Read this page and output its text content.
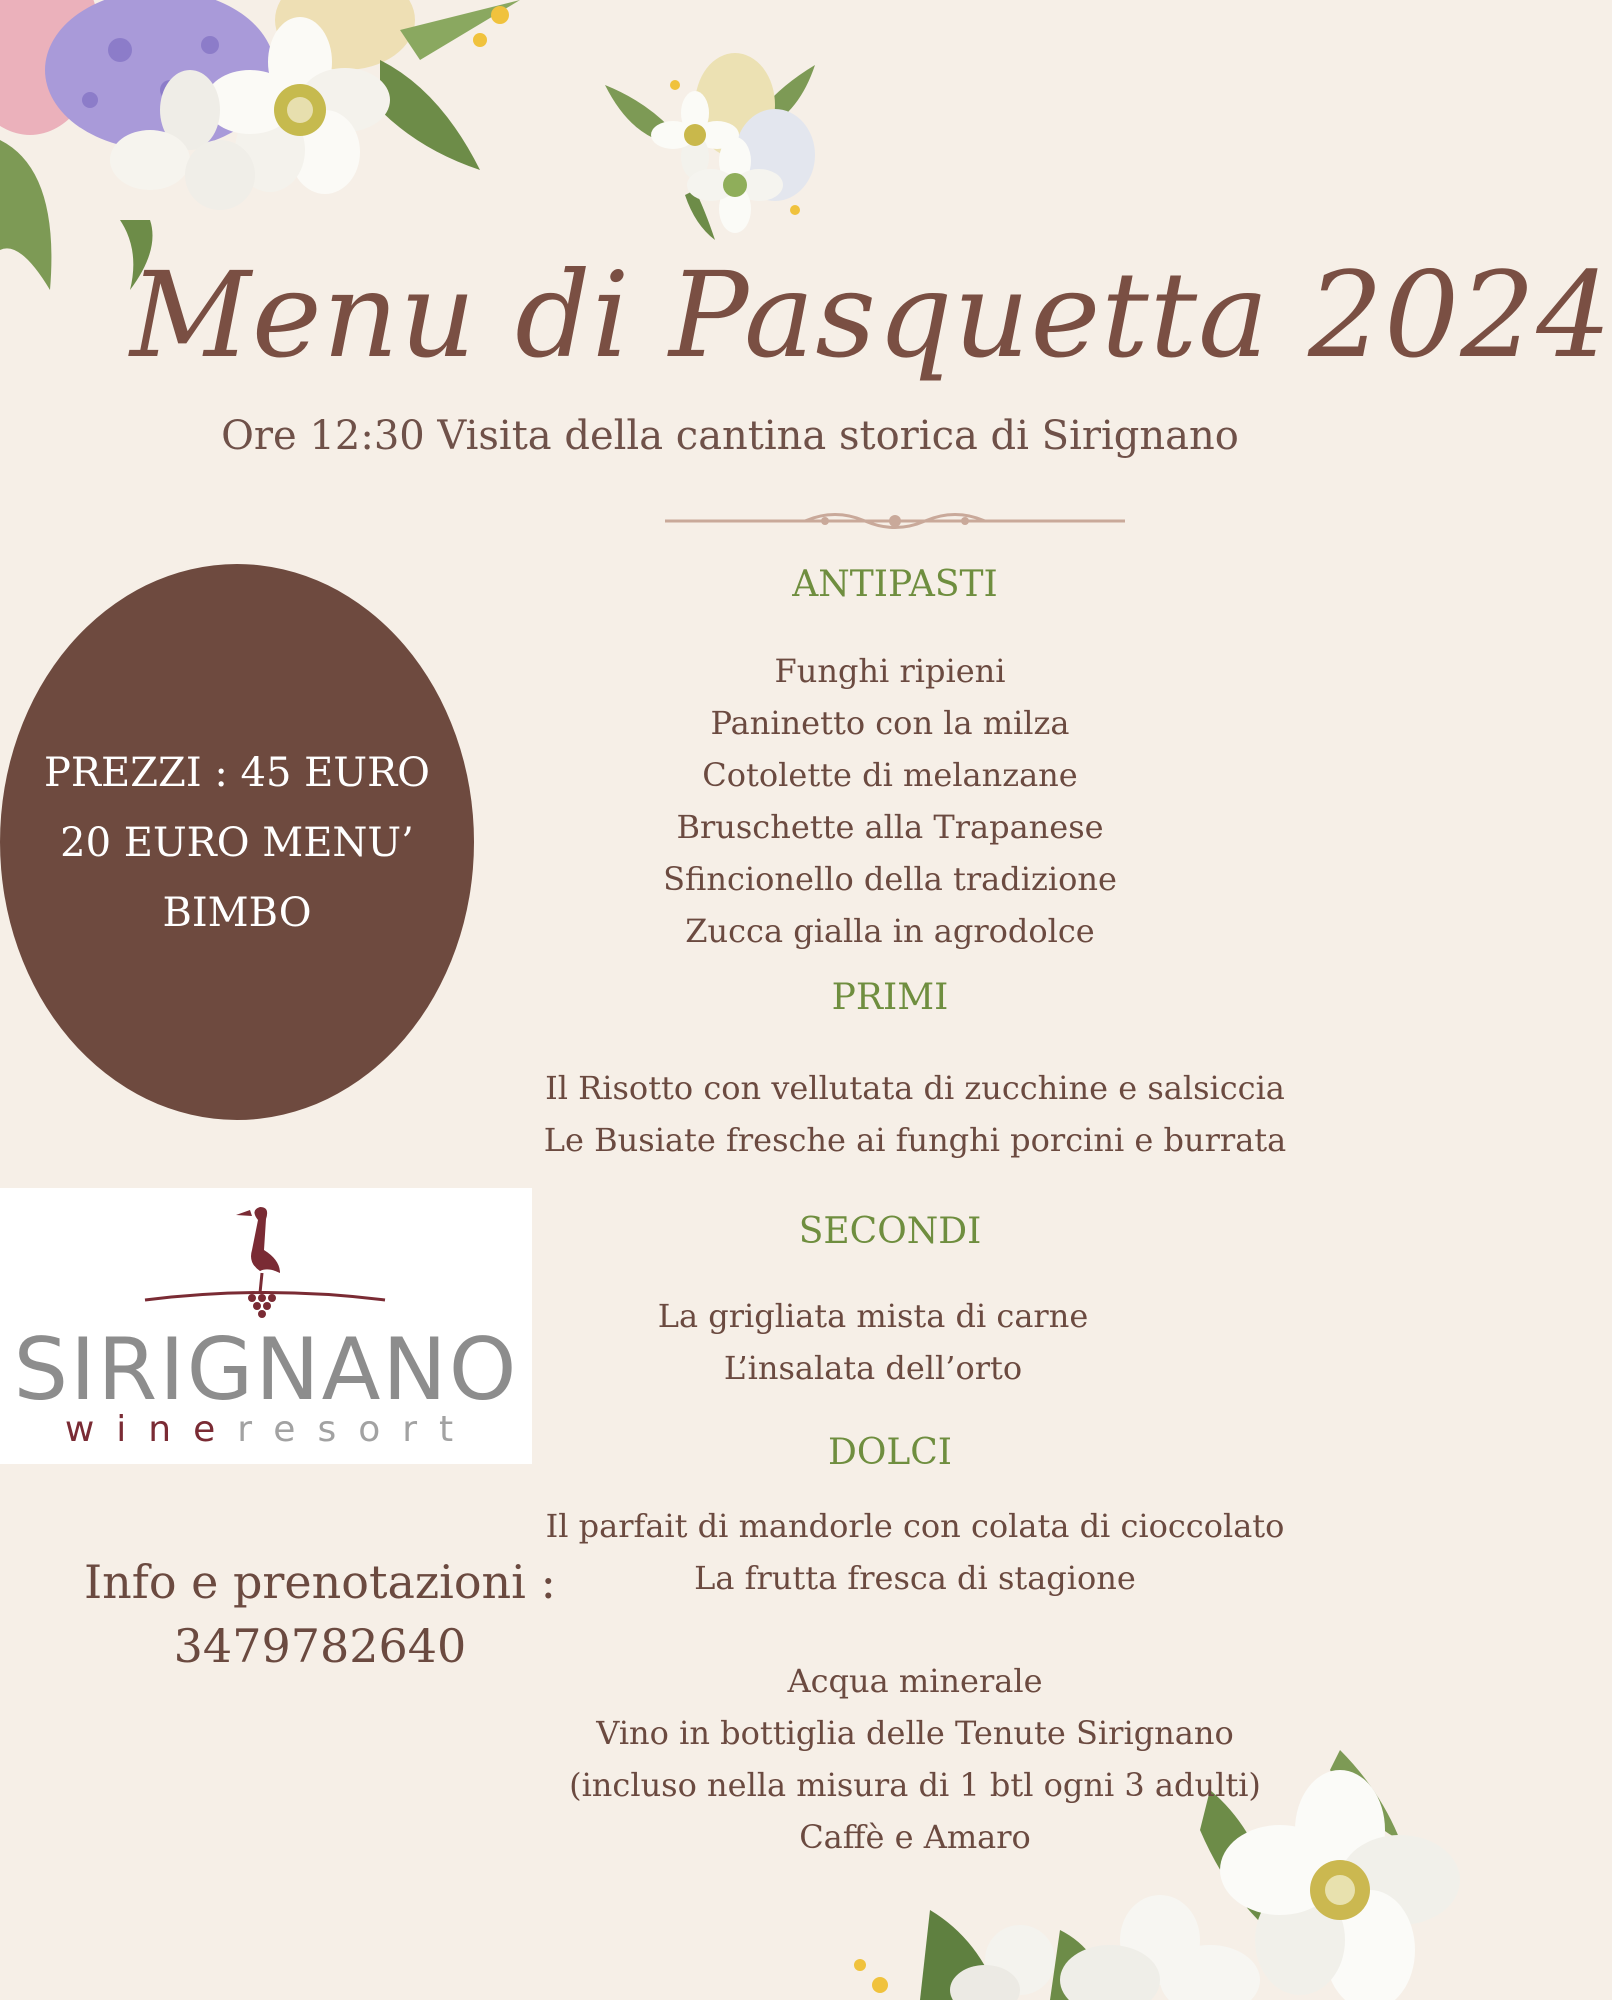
Menu di Pasquetta 2024
Ore 12:30 Visita della cantina storica di Sirignano
PREZZI : 45 EURO
20 EURO MENU’
BIMBO
ANTIPASTI
Funghi ripieni
Paninetto con la milza
Cotolette di melanzane
Bruschette alla Trapanese
Sfincionello della tradizione
Zucca gialla in agrodolce
PRIMI
Il Risotto con vellutata di zucchine e salsiccia
Le Busiate fresche ai funghi porcini e burrata
SECONDI
La grigliata mista di carne
L’insalata dell’orto
DOLCI
Il parfait di mandorle con colata di cioccolato
La frutta fresca di stagione
Acqua minerale
Vino in bottiglia delle Tenute Sirignano
(incluso nella misura di 1 btl ogni 3 adulti)
Caffè e Amaro
SIRIGNANO
wineresort
Info e prenotazioni :
3479782640
